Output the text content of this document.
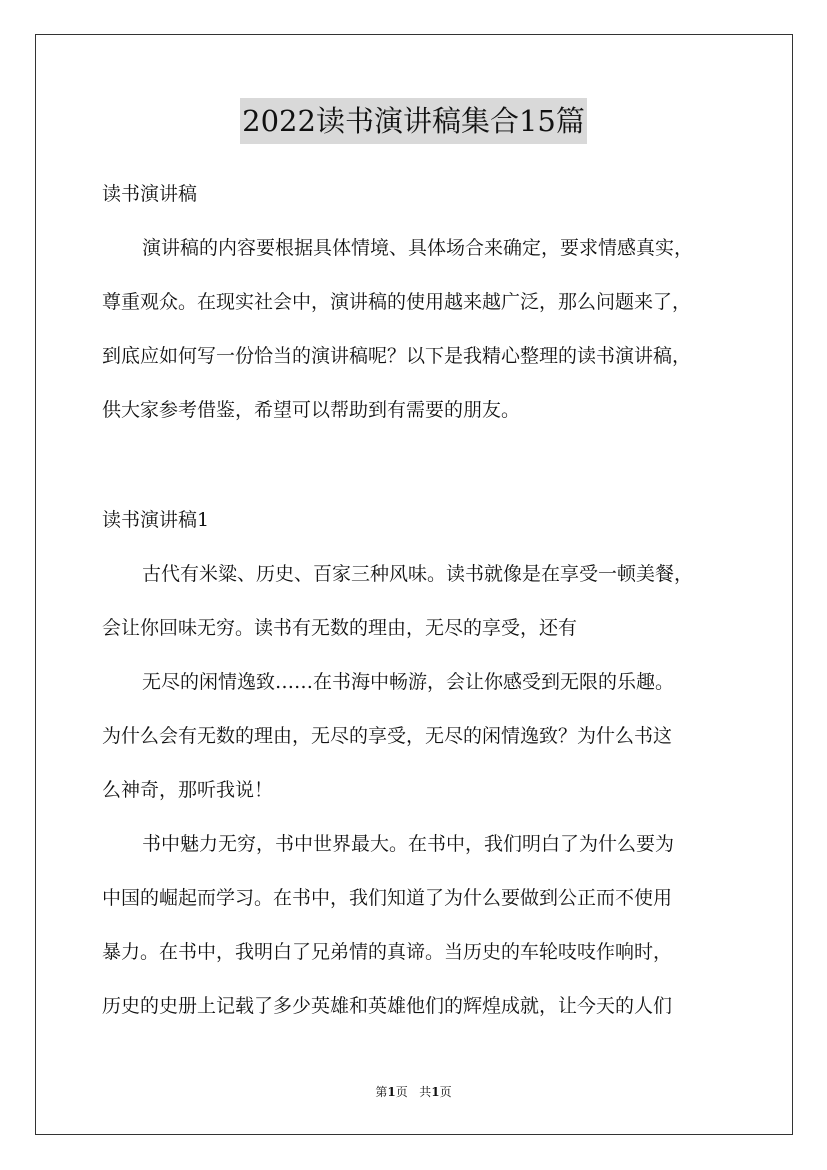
2022读书演讲稿集合15篇
读书演讲稿
演讲稿的内容要根据具体情境、具体场合来确定，要求情感真实，
尊重观众。在现实社会中，演讲稿的使用越来越广泛，那么问题来了，
到底应如何写一份恰当的演讲稿呢？以下是我精心整理的读书演讲稿，
供大家参考借鉴，希望可以帮助到有需要的朋友。
读书演讲稿1
古代有米粱、历史、百家三种风味。读书就像是在享受一顿美餐，
会让你回味无穷。读书有无数的理由，无尽的享受，还有
无尽的闲情逸致……在书海中畅游，会让你感受到无限的乐趣。
为什么会有无数的理由，无尽的享受，无尽的闲情逸致？为什么书这
么神奇，那听我说！
书中魅力无穷，书中世界最大。在书中，我们明白了为什么要为
中国的崛起而学习。在书中，我们知道了为什么要做到公正而不使用
暴力。在书中，我明白了兄弟情的真谛。当历史的车轮吱吱作响时，
历史的史册上记载了多少英雄和英雄他们的辉煌成就，让今天的人们
第1页 共1页
